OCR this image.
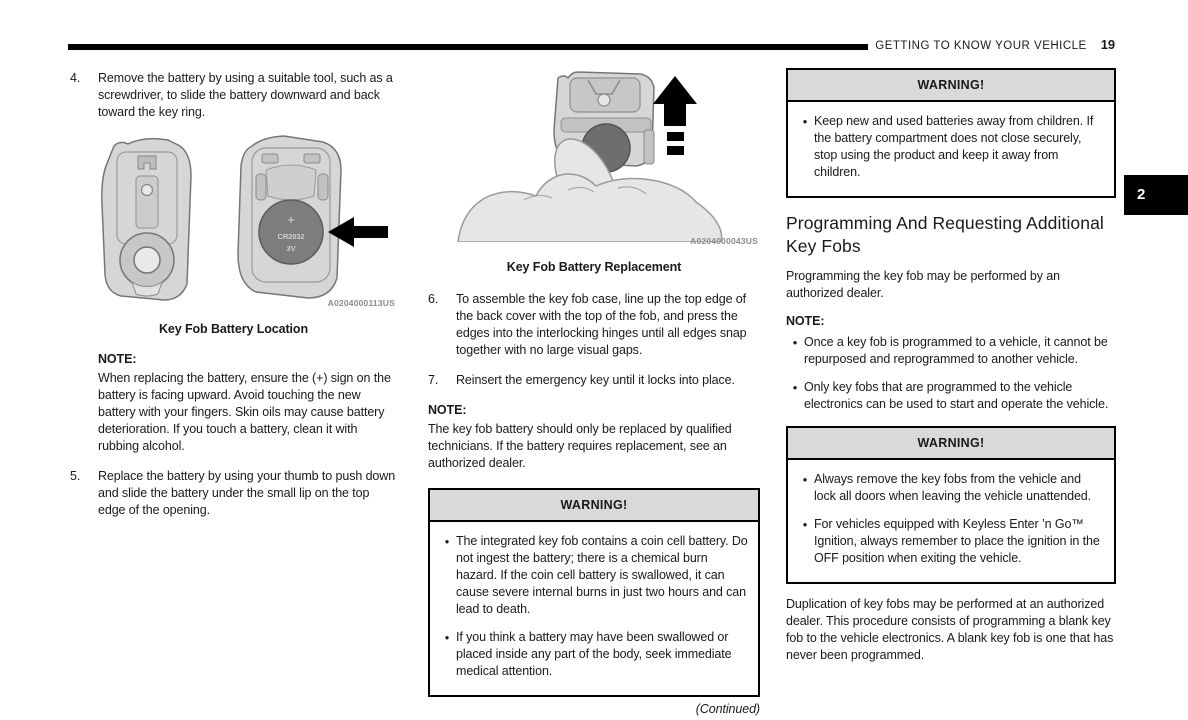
GETTING TO KNOW YOUR VEHICLE 19
2
4.	Remove the battery by using a suitable tool, such as a screwdriver, to slide the battery downward and back toward the key ring.
+
CR2032
3V
A0204000113US
Key Fob Battery Location
NOTE:
When replacing the battery, ensure the (+) sign on the battery is facing upward. Avoid touching the new battery with your fingers. Skin oils may cause battery deterioration. If you touch a battery, clean it with rubbing alcohol.
5.	Replace the battery by using your thumb to push down and slide the battery under the small lip on the top edge of the opening.
A0204000043US
Key Fob Battery Replacement
6.	To assemble the key fob case, line up the top edge of the back cover with the top of the fob, and press the edges into the interlocking hinges until all edges snap together with no large visual gaps.
7.	Reinsert the emergency key until it locks into place.
NOTE:
The key fob battery should only be replaced by qualified technicians. If the battery requires replacement, see an authorized dealer.
WARNING!
● The integrated key fob contains a coin cell battery. Do not ingest the battery; there is a chemical burn hazard. If the coin cell battery is swallowed, it can cause severe internal burns in just two hours and can lead to death.
● If you think a battery may have been swallowed or placed inside any part of the body, seek immediate medical attention.
(Continued)
WARNING!
● Keep new and used batteries away from children. If the battery compartment does not close securely, stop using the product and keep it away from children.
Programming And Requesting Additional Key Fobs
Programming the key fob may be performed by an authorized dealer.
NOTE:
● Once a key fob is programmed to a vehicle, it cannot be repurposed and reprogrammed to another vehicle.
● Only key fobs that are programmed to the vehicle electronics can be used to start and operate the vehicle.
WARNING!
● Always remove the key fobs from the vehicle and lock all doors when leaving the vehicle unattended.
● For vehicles equipped with Keyless Enter ’n Go™ Ignition, always remember to place the ignition in the OFF position when exiting the vehicle.
Duplication of key fobs may be performed at an authorized dealer. This procedure consists of programming a blank key fob to the vehicle electronics. A blank key fob is one that has never been programmed.
